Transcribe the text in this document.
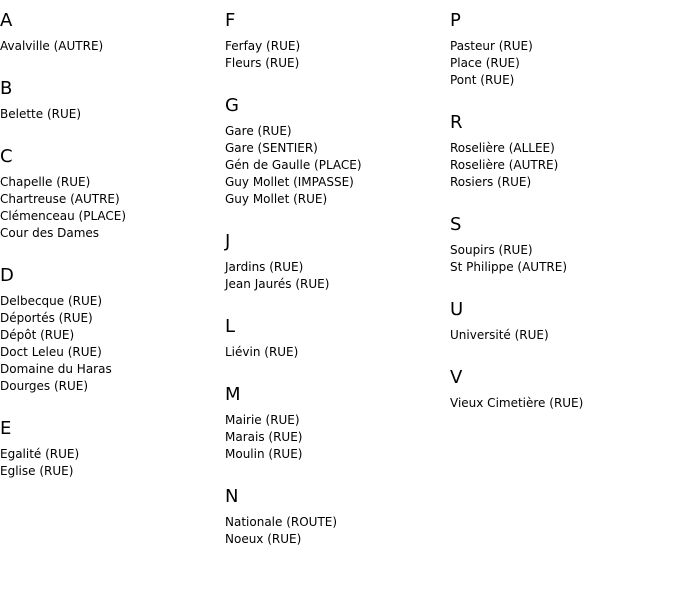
A
Avalville (AUTRE)
B
Belette (RUE)
C
Chapelle (RUE)
Chartreuse (AUTRE)
Clémenceau (PLACE)
Cour des Dames
D
Delbecque (RUE)
Déportés (RUE)
Dépôt (RUE)
Doct Leleu (RUE)
Domaine du Haras
Dourges (RUE)
E
Egalité (RUE)
Eglise (RUE)
F
Ferfay (RUE)
Fleurs (RUE)
G
Gare (RUE)
Gare (SENTIER)
Gén de Gaulle (PLACE)
Guy Mollet (IMPASSE)
Guy Mollet (RUE)
J
Jardins (RUE)
Jean Jaurés (RUE)
L
Liévin (RUE)
M
Mairie (RUE)
Marais (RUE)
Moulin (RUE)
N
Nationale (ROUTE)
Noeux (RUE)
P
Pasteur (RUE)
Place (RUE)
Pont (RUE)
R
Roselière (ALLEE)
Roselière (AUTRE)
Rosiers (RUE)
S
Soupirs (RUE)
St Philippe (AUTRE)
U
Université (RUE)
V
Vieux Cimetière (RUE)
